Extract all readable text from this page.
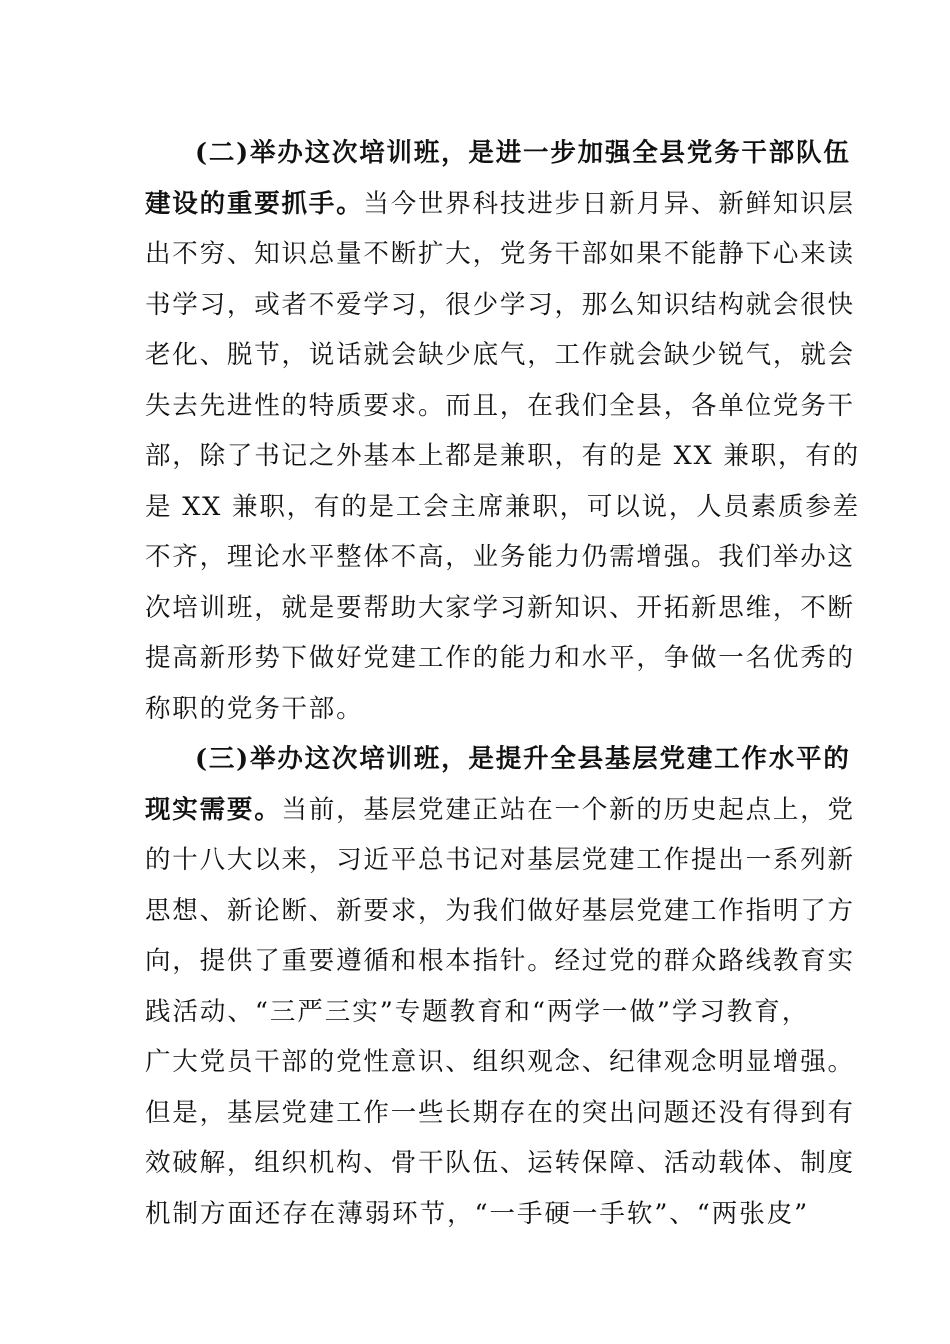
(二)举办这次培训班，是进一步加强全县党务干部队伍
建设的重要抓手。当今世界科技进步日新月异、新鲜知识层
出不穷、知识总量不断扩大，党务干部如果不能静下心来读
书学习，或者不爱学习，很少学习，那么知识结构就会很快
老化、脱节，说话就会缺少底气，工作就会缺少锐气，就会
失去先进性的特质要求。而且，在我们全县，各单位党务干
部，除了书记之外基本上都是兼职，有的是 XX 兼职，有的
是 XX 兼职，有的是工会主席兼职，可以说，人员素质参差
不齐，理论水平整体不高，业务能力仍需增强。我们举办这
次培训班，就是要帮助大家学习新知识、开拓新思维，不断
提高新形势下做好党建工作的能力和水平，争做一名优秀的
称职的党务干部。
(三)举办这次培训班，是提升全县基层党建工作水平的
现实需要。当前，基层党建正站在一个新的历史起点上，党
的十八大以来，习近平总书记对基层党建工作提出一系列新
思想、新论断、新要求，为我们做好基层党建工作指明了方
向，提供了重要遵循和根本指针。经过党的群众路线教育实
践活动、“三严三实”专题教育和“两学一做”学习教育，
广大党员干部的党性意识、组织观念、纪律观念明显增强。
但是，基层党建工作一些长期存在的突出问题还没有得到有
效破解，组织机构、骨干队伍、运转保障、活动载体、制度
机制方面还存在薄弱环节，“一手硬一手软”、“两张皮”
